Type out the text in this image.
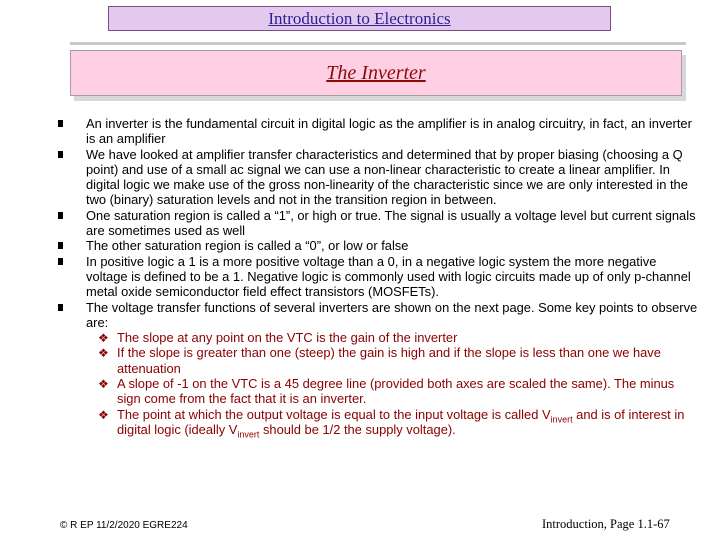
Introduction to Electronics
The Inverter
An inverter is the fundamental circuit in digital logic as the amplifier is in analog circuitry, in fact, an inverter is an amplifier
We have looked at amplifier transfer characteristics and determined that by proper biasing (choosing a Q point) and use of a small ac signal we can use a non-linear characteristic to create a linear amplifier. In digital logic we make use of the gross non-linearity of the characteristic since we are only interested in the two (binary) saturation levels and not in the transition region in between.
One saturation region is called a “1”, or high or true. The signal is usually a voltage level but current signals are sometimes used as well
The other saturation region is called a “0”, or low or false
In positive logic a 1 is a more positive voltage than a 0, in a negative logic system the more negative voltage is defined to be a 1. Negative logic is commonly used with logic circuits made up of only p-channel metal oxide semiconductor field effect transistors (MOSFETs).
The voltage transfer functions of several inverters are shown on the next page. Some key points to observe are:
❖ The slope at any point on the VTC is the gain of the inverter
❖ If the slope is greater than one (steep) the gain is high and if the slope is less than one we have attenuation
❖ A slope of -1 on the VTC is a 45 degree line (provided both axes are scaled the same). The minus sign come from the fact that it is an inverter.
❖ The point at which the output voltage is equal to the input voltage is called $V_{invert}$ and is of interest in digital logic (ideally $V_{invert}$ should be 1/2 the supply voltage).
© R EP 11/2/2020 EGRE224	Introduction, Page 1.1-67
